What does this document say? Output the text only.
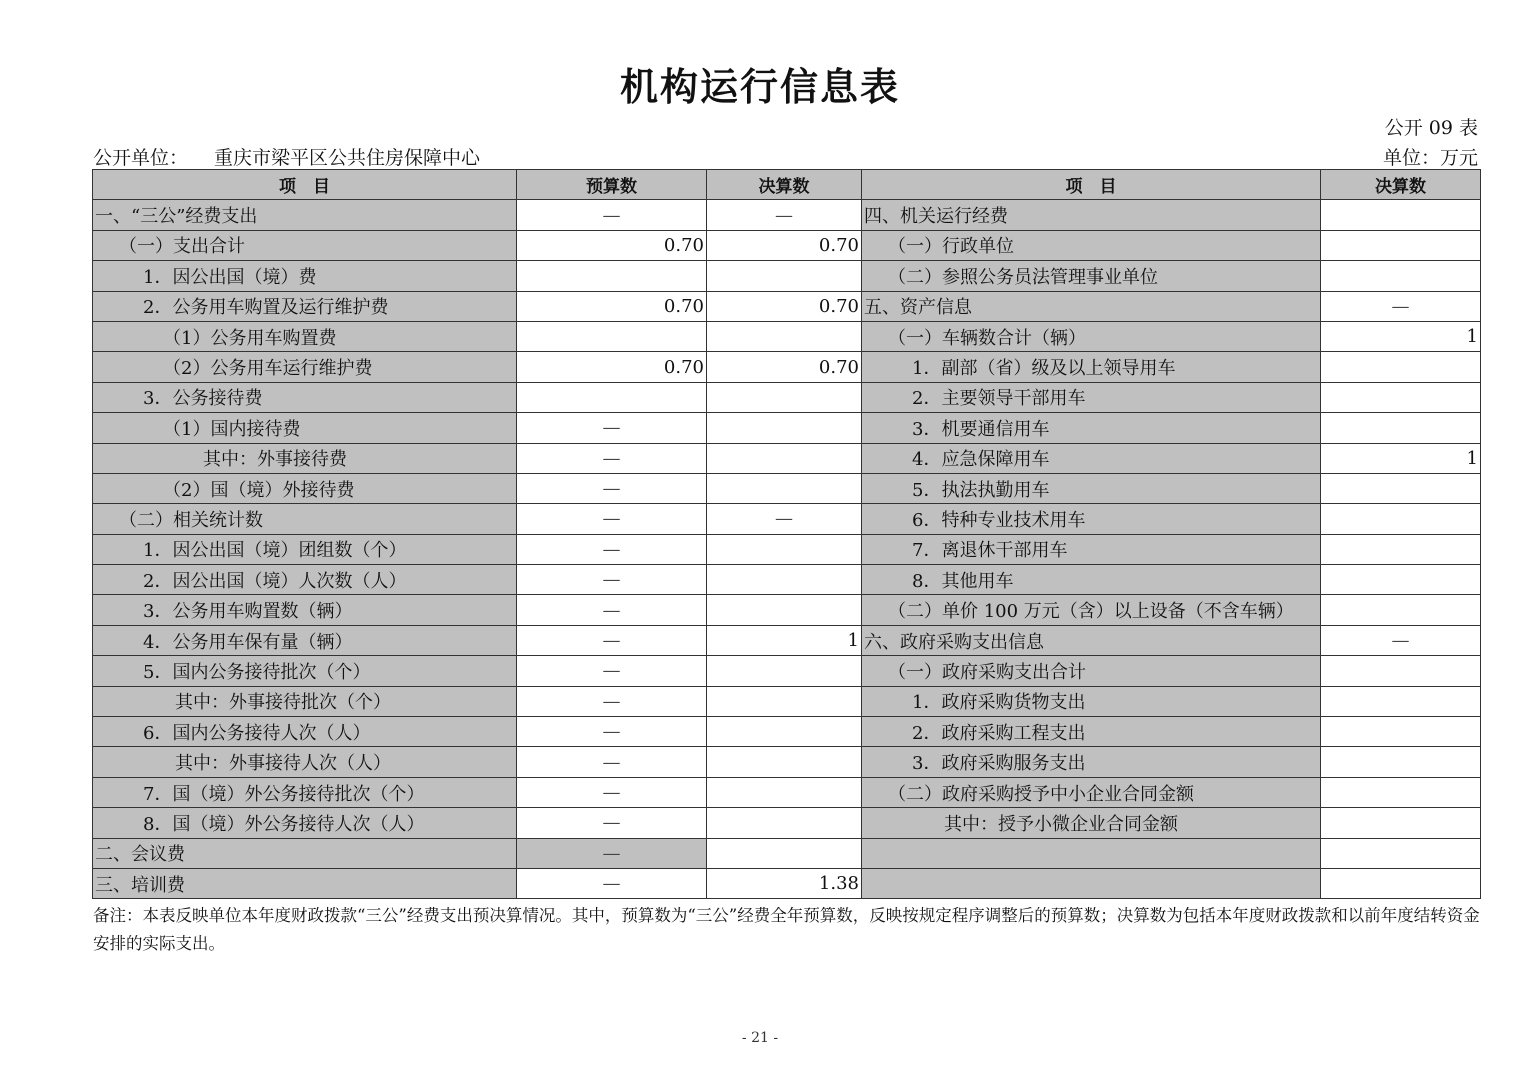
机构运行信息表
公开 09 表
公开单位： 重庆市梁平区公共住房保障中心	单位：万元
项　目	预算数	决算数	项　目	决算数
一、“三公”经费支出	—	—	四、机关运行经费	
（一）支出合计	0.70	0.70	（一）行政单位	
1．因公出国（境）费			（二）参照公务员法管理事业单位	
2．公务用车购置及运行维护费	0.70	0.70	五、资产信息	—
（1）公务用车购置费			（一）车辆数合计（辆）	1
（2）公务用车运行维护费	0.70	0.70	1．副部（省）级及以上领导用车	
3．公务接待费			2．主要领导干部用车	
（1）国内接待费	—		3．机要通信用车	
其中：外事接待费	—		4．应急保障用车	1
（2）国（境）外接待费	—		5．执法执勤用车	
（二）相关统计数	—	—	6．特种专业技术用车	
1．因公出国（境）团组数（个）	—		7．离退休干部用车	
2．因公出国（境）人次数（人）	—		8．其他用车	
3．公务用车购置数（辆）	—		（二）单价 100 万元（含）以上设备（不含车辆）	
4．公务用车保有量（辆）	—	1	六、政府采购支出信息	—
5．国内公务接待批次（个）	—		（一）政府采购支出合计	
其中：外事接待批次（个）	—		1．政府采购货物支出	
6．国内公务接待人次（人）	—		2．政府采购工程支出	
其中：外事接待人次（人）	—		3．政府采购服务支出	
7．国（境）外公务接待批次（个）	—		（二）政府采购授予中小企业合同金额	
8．国（境）外公务接待人次（人）	—		其中：授予小微企业合同金额	
二、会议费	—			
三、培训费	—	1.38		
备注：本表反映单位本年度财政拨款“三公”经费支出预决算情况。其中，预算数为“三公”经费全年预算数，反映按规定程序调整后的预算数；决算数为包括本年度财政拨款和以前年度结转资金安排的实际支出。
- 21 -
